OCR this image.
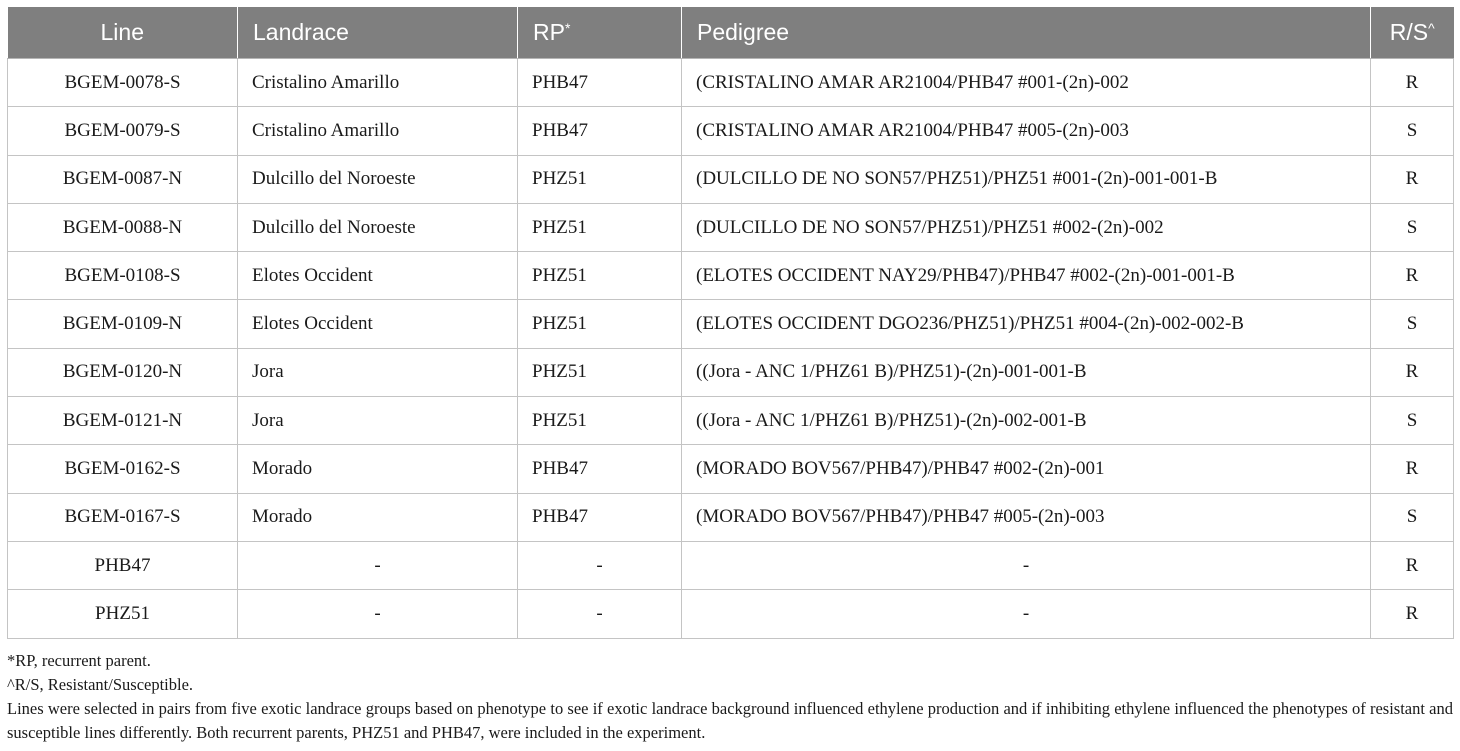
Line	Landrace	RP*	Pedigree	R/S^
BGEM-0078-S	Cristalino Amarillo	PHB47	(CRISTALINO AMAR AR21004/PHB47 #001-(2n)-002	R
BGEM-0079-S	Cristalino Amarillo	PHB47	(CRISTALINO AMAR AR21004/PHB47 #005-(2n)-003	S
BGEM-0087-N	Dulcillo del Noroeste	PHZ51	(DULCILLO DE NO SON57/PHZ51)/PHZ51 #001-(2n)-001-001-B	R
BGEM-0088-N	Dulcillo del Noroeste	PHZ51	(DULCILLO DE NO SON57/PHZ51)/PHZ51 #002-(2n)-002	S
BGEM-0108-S	Elotes Occident	PHZ51	(ELOTES OCCIDENT NAY29/PHB47)/PHB47 #002-(2n)-001-001-B	R
BGEM-0109-N	Elotes Occident	PHZ51	(ELOTES OCCIDENT DGO236/PHZ51)/PHZ51 #004-(2n)-002-002-B	S
BGEM-0120-N	Jora	PHZ51	((Jora - ANC 1/PHZ61 B)/PHZ51)-(2n)-001-001-B	R
BGEM-0121-N	Jora	PHZ51	((Jora - ANC 1/PHZ61 B)/PHZ51)-(2n)-002-001-B	S
BGEM-0162-S	Morado	PHB47	(MORADO BOV567/PHB47)/PHB47 #002-(2n)-001	R
BGEM-0167-S	Morado	PHB47	(MORADO BOV567/PHB47)/PHB47 #005-(2n)-003	S
PHB47	-	-	-	R
PHZ51	-	-	-	R

*RP, recurrent parent.

^R/S, Resistant/Susceptible.

Lines were selected in pairs from five exotic landrace groups based on phenotype to see if exotic landrace background influenced ethylene production and if inhibiting ethylene influenced the phenotypes of resistant and susceptible lines differently. Both recurrent parents, PHZ51 and PHB47, were included in the experiment.
